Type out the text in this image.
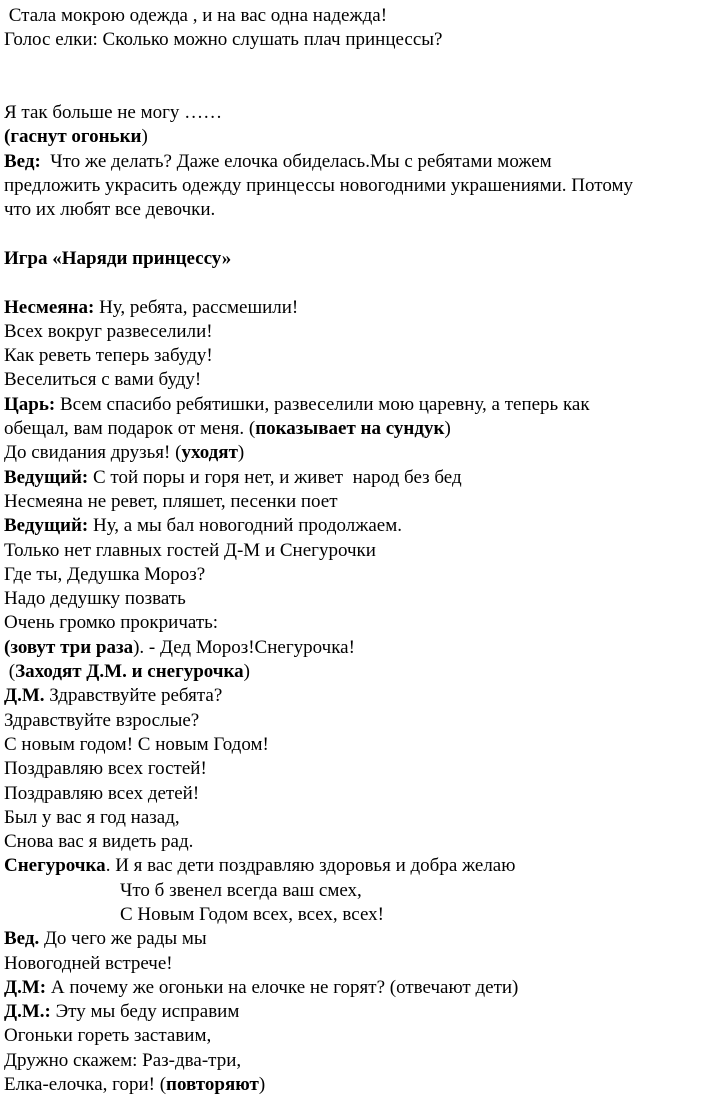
Стала мокрою одежда , и на вас одна надежда!
Голос елки: Сколько можно слушать плач принцессы?
Я так больше не могу ……
(гаснут огоньки)
Вед:  Что же делать? Даже елочка обиделась.Мы с ребятами можем
предложить украсить одежду принцессы новогодними украшениями. Потому
что их любят все девочки.
Игра «Наряди принцессу»
Несмеяна: Ну, ребята, рассмешили!
Всех вокруг развеселили!
Как реветь теперь забуду!
Веселиться с вами буду!
Царь: Всем спасибо ребятишки, развеселили мою царевну, а теперь как
обещал, вам подарок от меня. (показывает на сундук)
До свидания друзья! (уходят)
Ведущий: С той поры и горя нет, и живет  народ без бед
Несмеяна не ревет, пляшет, песенки поет
Ведущий: Ну, а мы бал новогодний продолжаем.
Только нет главных гостей Д-М и Снегурочки
Где ты, Дедушка Мороз?
Надо дедушку позвать
Очень громко прокричать:
(зовут три раза). - Дед Мороз!Снегурочка!
(Заходят Д.М. и снегурочка)
Д.М. Здравствуйте ребята?
Здравствуйте взрослые?
С новым годом! С новым Годом!
Поздравляю всех гостей!
Поздравляю всех детей!
Был у вас я год назад,
Снова вас я видеть рад.
Снегурочка. И я вас дети поздравляю здоровья и добра желаю
Что б звенел всегда ваш смех,
С Новым Годом всех, всех, всех!
Вед. До чего же рады мы
Новогодней встрече!
Д.М: А почему же огоньки на елочке не горят? (отвечают дети)
Д.М.: Эту мы беду исправим
Огоньки гореть заставим,
Дружно скажем: Раз-два-три,
Елка-елочка, гори! (повторяют)
